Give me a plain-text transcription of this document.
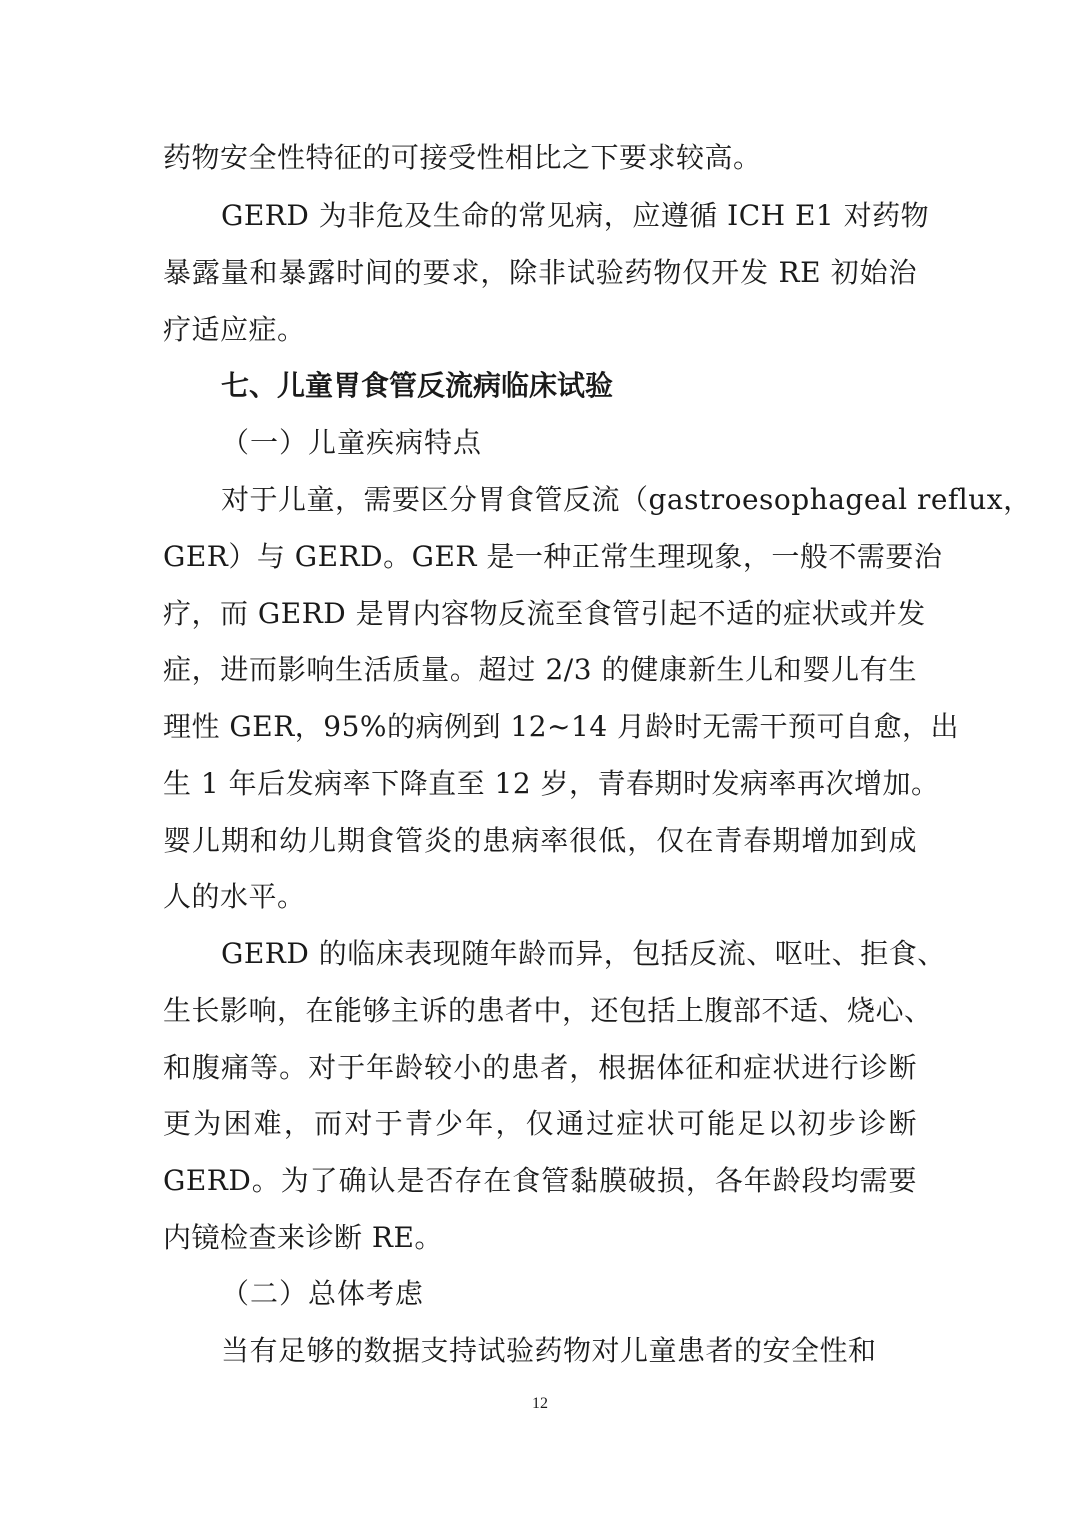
药物安全性特征的可接受性相比之下要求较高。
GERD 为非危及生命的常见病，应遵循 ICH E1 对药物
暴露量和暴露时间的要求，除非试验药物仅开发 RE 初始治
疗适应症。
七、儿童胃食管反流病临床试验
（一）儿童疾病特点
对于儿童，需要区分胃食管反流（gastroesophageal reflux，
GER）与 GERD。GER 是一种正常生理现象，一般不需要治
疗，而 GERD 是胃内容物反流至食管引起不适的症状或并发
症，进而影响生活质量。超过 2/3 的健康新生儿和婴儿有生
理性 GER，95%的病例到 12~14 月龄时无需干预可自愈，出
生 1 年后发病率下降直至 12 岁，青春期时发病率再次增加。
婴儿期和幼儿期食管炎的患病率很低，仅在青春期增加到成
人的水平。
GERD 的临床表现随年龄而异，包括反流、呕吐、拒食、
生长影响，在能够主诉的患者中，还包括上腹部不适、烧心、
和腹痛等。对于年龄较小的患者，根据体征和症状进行诊断
更为困难，而对于青少年，仅通过症状可能足以初步诊断
GERD。为了确认是否存在食管黏膜破损，各年龄段均需要
内镜检查来诊断 RE。
（二）总体考虑
当有足够的数据支持试验药物对儿童患者的安全性和
12
